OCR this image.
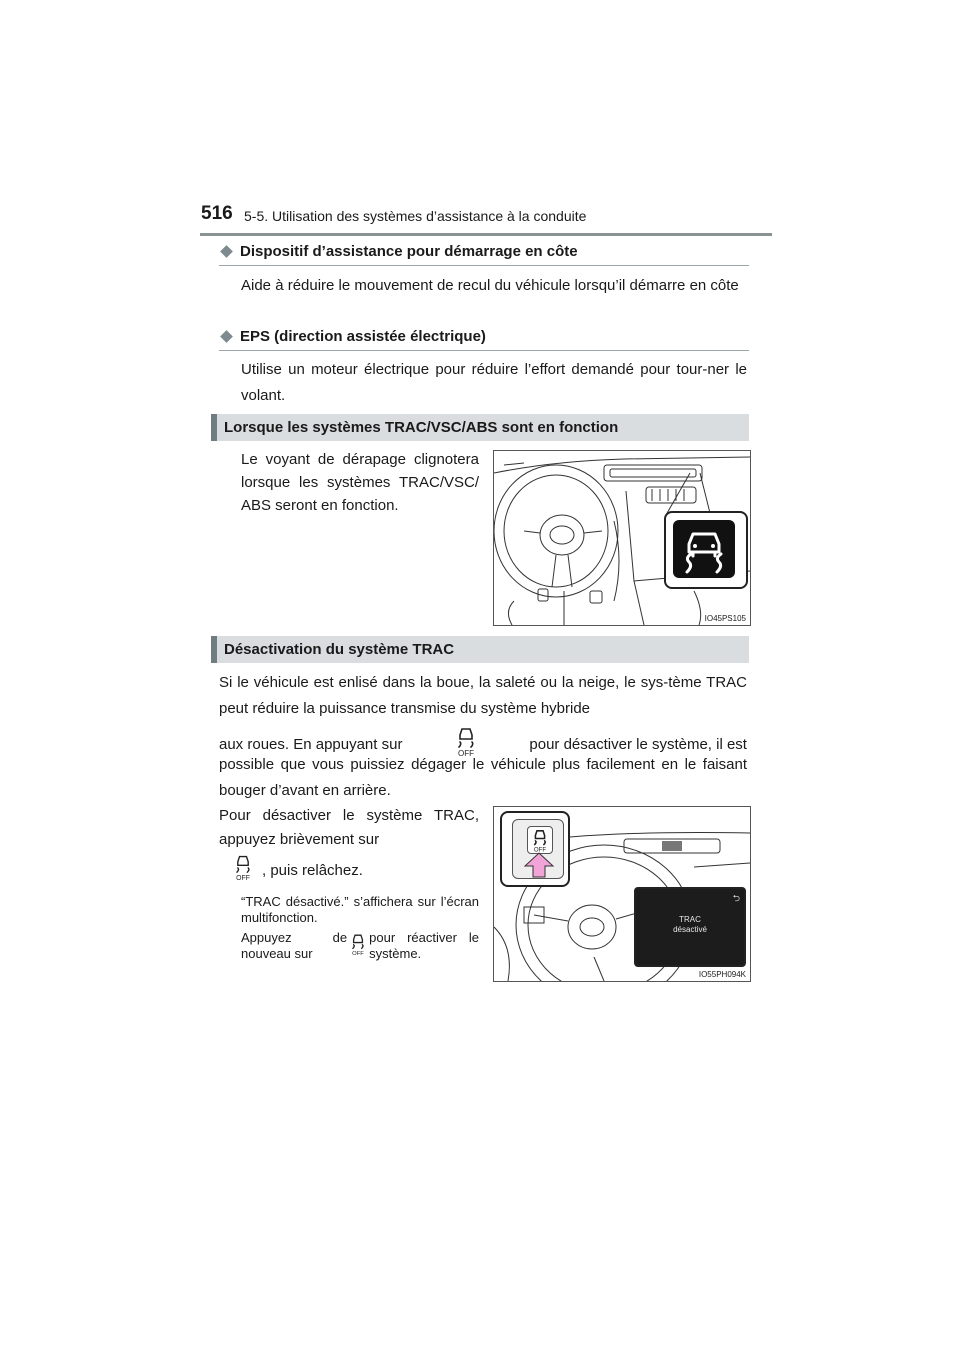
516 5-5. Utilisation des systèmes d’assistance à la conduite
Dispositif d’assistance pour démarrage en côte
Aide à réduire le mouvement de recul du véhicule lorsqu’il démarre en côte
EPS (direction assistée électrique)
Utilise un moteur électrique pour réduire l’effort demandé pour tour-ner le volant.
Lorsque les systèmes TRAC/VSC/ABS sont en fonction
Le voyant de dérapage clignotera lorsque les systèmes TRAC/VSC/ ABS seront en fonction.
IO45PS105
Désactivation du système TRAC
Si le véhicule est enlisé dans la boue, la saleté ou la neige, le sys-tème TRAC peut réduire la puissance transmise du système hybride
aux roues. En appuyant sur
OFF
pour désactiver le système, il est
possible que vous puissiez dégager le véhicule plus facilement en le faisant bouger d’avant en arrière.
Pour désactiver le système TRAC, appuyez brièvement sur
OFF , puis relâchez.
“TRAC désactivé.” s’affichera sur l’écran multifonction.
Appuyez de nouveau sur	OFF
pour réactiver le système.
OFF
⮌
TRAC
désactivé
IO55PH094K
